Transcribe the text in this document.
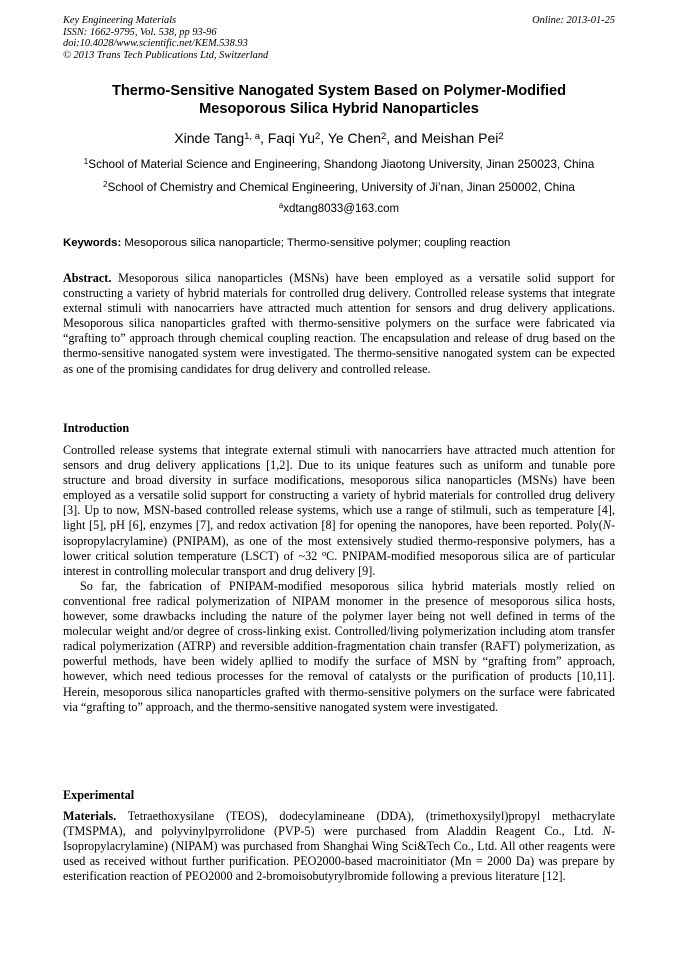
Key Engineering Materials
ISSN: 1662-9795, Vol. 538, pp 93-96
doi:10.4028/www.scientific.net/KEM.538.93
© 2013 Trans Tech Publications Ltd, Switzerland
Online: 2013-01-25
Thermo-Sensitive Nanogated System Based on Polymer-Modified
Mesoporous Silica Hybrid Nanoparticles
Xinde Tang$^{1, a}$, Faqi Yu$^2$, Ye Chen$^2$, and Meishan Pei$^2$
$^1$School of Material Science and Engineering, Shandong Jiaotong University, Jinan 250023, China
$^2$School of Chemistry and Chemical Engineering, University of Ji’nan, Jinan 250002, China
$^a$xdtang8033@163.com
Keywords: Mesoporous silica nanoparticle; Thermo-sensitive polymer; coupling reaction

Abstract. Mesoporous silica nanoparticles (MSNs) have been employed as a versatile solid support for constructing a variety of hybrid materials for controlled drug delivery. Controlled release systems that integrate external stimuli with nanocarriers have attracted much attention for sensors and drug delivery applications. Mesoporous silica nanoparticles grafted with thermo-sensitive polymers on the surface were fabricated via “grafting to” approach through chemical coupling reaction. The encapsulation and release of drug based on the thermo-sensitive nanogated system were investigated. The thermo-sensitive nanogated system can be expected as one of the promising candidates for drug delivery and controlled release.

Introduction

Controlled release systems that integrate external stimuli with nanocarriers have attracted much attention for sensors and drug delivery applications [1,2]. Due to its unique features such as uniform and tunable pore structure and broad diversity in surface modifications, mesoporous silica nanoparticles (MSNs) have been employed as a versatile solid support for constructing a variety of hybrid materials for controlled drug delivery [3]. Up to now, MSN-based controlled release systems, which use a range of stilmuli, such as temperature [4], light [5], pH [6], enzymes [7], and redox activation [8] for opening the nanopores, have been reported. Poly(N-isopropylacrylamine) (PNIPAM), as one of the most extensively studied thermo-responsive polymers, has a lower critical solution temperature (LSCT) of ~32 $^o$C. PNIPAM-modified mesoporous silica are of particular interest in controlling molecular transport and drug delivery [9].

So far, the fabrication of PNIPAM-modified mesoporous silica hybrid materials mostly relied on conventional free radical polymerization of NIPAM monomer in the presence of mesoporous silica hosts, however, some drawbacks including the nature of the polymer layer being not well defined in terms of the molecular weight and/or degree of cross-linking exist. Controlled/living polymerization including atom transfer radical polymerization (ATRP) and reversible addition-fragmentation chain transfer (RAFT) polymerization, as powerful methods, have been widely apllied to modify the surface of MSN by “grafting from” approach, however, which need tedious processes for the removal of catalysts or the purification of products [10,11]. Herein, mesoporous silica nanoparticles grafted with thermo-sensitive polymers on the surface were fabricated via “grafting to” approach, and the thermo-sensitive nanogated system were investigated.

Experimental

Materials. Tetraethoxysilane (TEOS), dodecylamineane (DDA), (trimethoxysilyl)propyl methacrylate (TMSPMA), and polyvinylpyrrolidone (PVP-5) were purchased from Aladdin Reagent Co., Ltd. N-Isopropylacrylamine) (NIPAM) was purchased from Shanghai Wing Sci&Tech Co., Ltd. All other reagents were used as received without further purification. PEO2000-based macroinitiator (Mn = 2000 Da) was prepare by esterification reaction of PEO2000 and 2-bromoisobutyrylbromide following a previous literature [12].
